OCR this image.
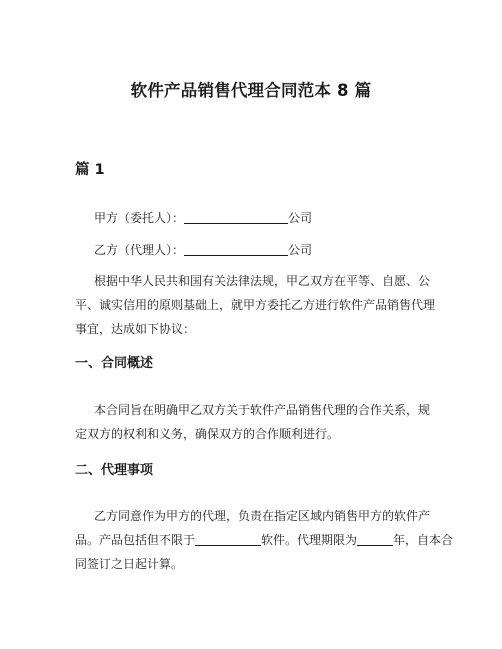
软件产品销售代理合同范本 8 篇
篇 1
甲方（委托人）：	公司
乙方（代理人）：	公司
根据中华人民共和国有关法律法规，甲乙双方在平等、自愿、公
平、诚实信用的原则基础上，就甲方委托乙方进行软件产品销售代理
事宜，达成如下协议：
一、合同概述
本合同旨在明确甲乙双方关于软件产品销售代理的合作关系，规
定双方的权利和义务，确保双方的合作顺利进行。
二、代理事项
乙方同意作为甲方的代理，负责在指定区域内销售甲方的软件产
品。产品包括但不限于	软件。代理期限为	年，自本合
同签订之日起计算。
